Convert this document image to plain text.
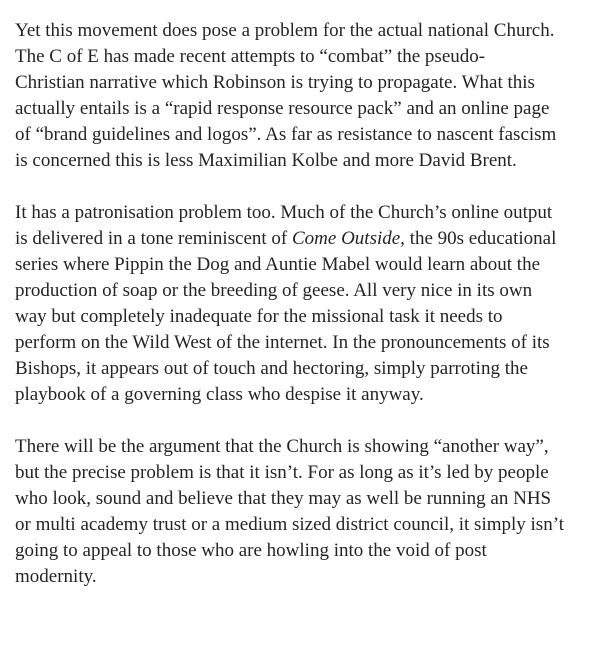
Yet this movement does pose a problem for the actual national Church.
The C of E has made recent attempts to “combat” the pseudo-
Christian narrative which Robinson is trying to propagate. What this
actually entails is a “rapid response resource pack” and an online page
of “brand guidelines and logos”. As far as resistance to nascent fascism
is concerned this is less Maximilian Kolbe and more David Brent.

It has a patronisation problem too. Much of the Church’s online output
is delivered in a tone reminiscent of Come Outside, the 90s educational
series where Pippin the Dog and Auntie Mabel would learn about the
production of soap or the breeding of geese. All very nice in its own
way but completely inadequate for the missional task it needs to
perform on the Wild West of the internet. In the pronouncements of its
Bishops, it appears out of touch and hectoring, simply parroting the
playbook of a governing class who despise it anyway.

There will be the argument that the Church is showing “another way”,
but the precise problem is that it isn’t. For as long as it’s led by people
who look, sound and believe that they may as well be running an NHS
or multi academy trust or a medium sized district council, it simply isn’t
going to appeal to those who are howling into the void of post
modernity.
